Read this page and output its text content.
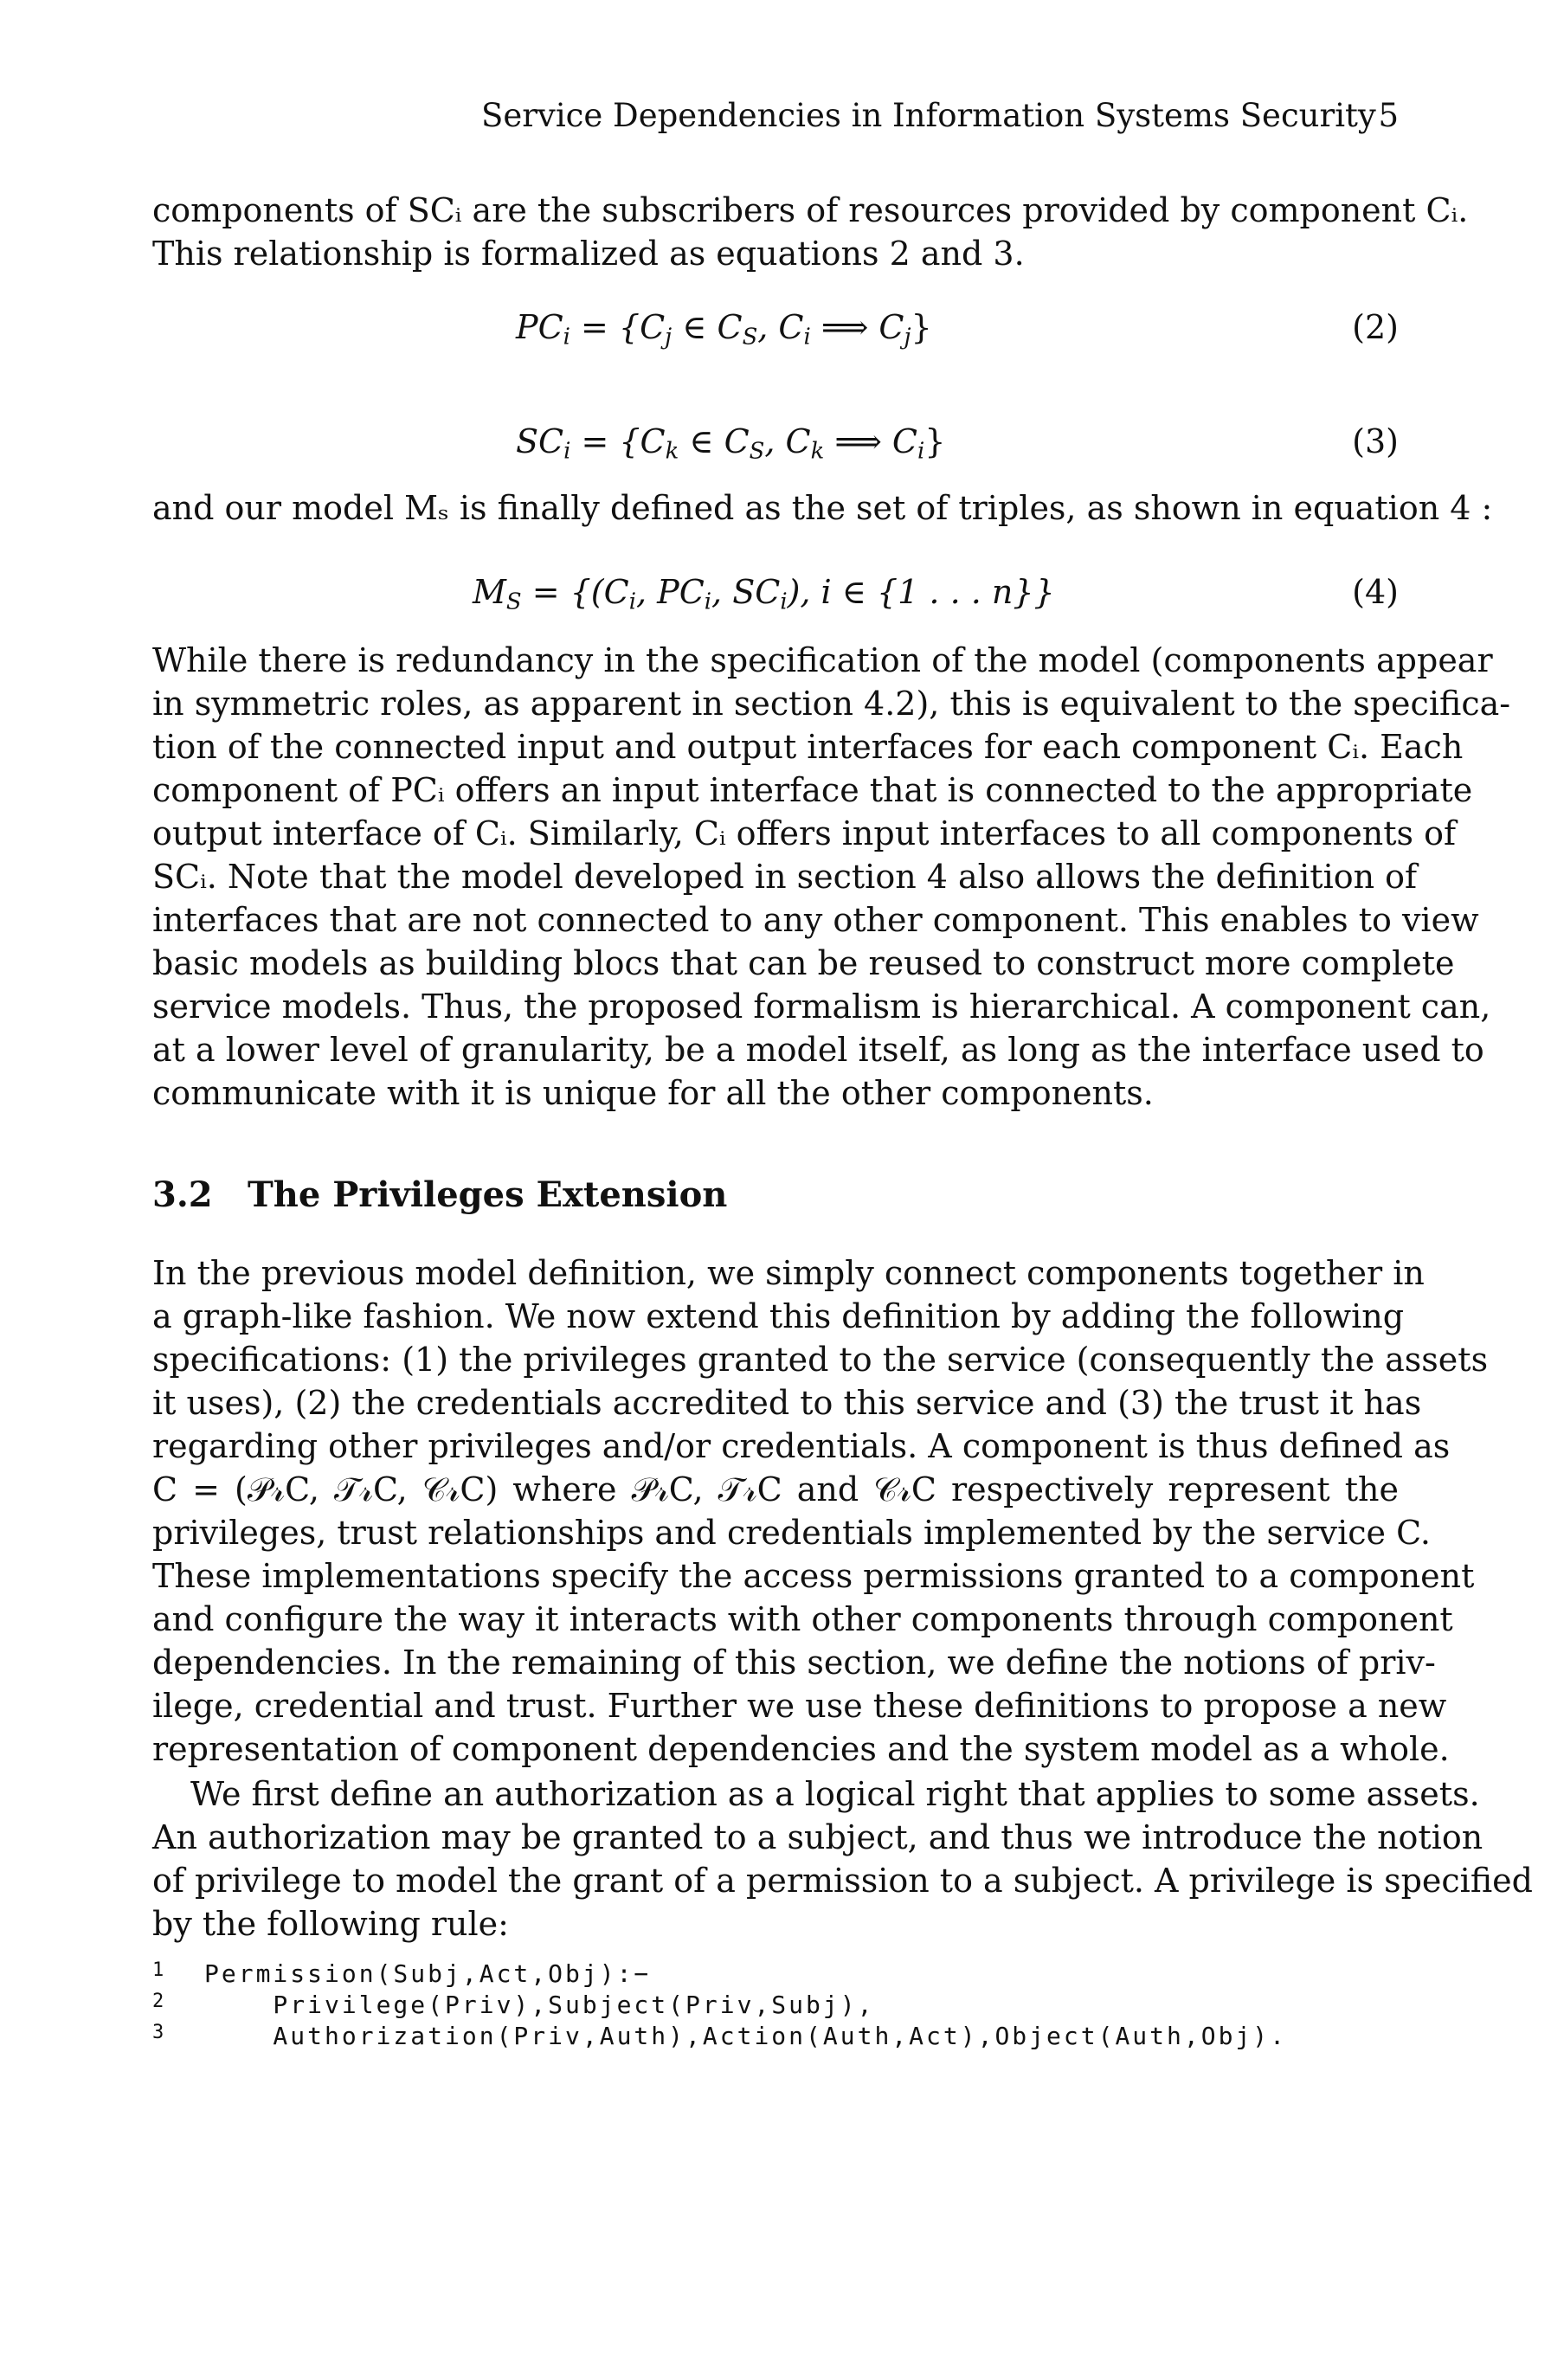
Service Dependencies in Information Systems Security 5
components of SCᵢ are the subscribers of resources provided by component Cᵢ.
This relationship is formalized as equations 2 and 3.
$PC_i = \{C_j$ ∈ $C_S$, $C_i$ ⟹ $C_j$}	(2)
$SC_i = \{C_k$ ∈ $C_S$, $C_k$ ⟹ $C_i$}	(3)
and our model Mₛ is finally defined as the set of triples, as shown in equation 4 :
$M_S = \{(C_i$, $PC_i$, $SC_i$), i ∈ {1 . . . n}}	(4)
While there is redundancy in the specification of the model (components appear
in symmetric roles, as apparent in section 4.2), this is equivalent to the specifica-
tion of the connected input and output interfaces for each component Cᵢ. Each
component of PCᵢ offers an input interface that is connected to the appropriate
output interface of Cᵢ. Similarly, Cᵢ offers input interfaces to all components of
SCᵢ. Note that the model developed in section 4 also allows the definition of
interfaces that are not connected to any other component. This enables to view
basic models as building blocs that can be reused to construct more complete
service models. Thus, the proposed formalism is hierarchical. A component can,
at a lower level of granularity, be a model itself, as long as the interface used to
communicate with it is unique for all the other components.
3.2 The Privileges Extension
In the previous model definition, we simply connect components together in
a graph-like fashion. We now extend this definition by adding the following
specifications: (1) the privileges granted to the service (consequently the assets
it uses), (2) the credentials accredited to this service and (3) the trust it has
regarding other privileges and/or credentials. A component is thus defined as
C = (𝒫𝓇C, 𝒯𝓇C, 𝒞𝓇C) where 𝒫𝓇C, 𝒯𝓇C and 𝒞𝓇C respectively represent the
privileges, trust relationships and credentials implemented by the service C.
These implementations specify the access permissions granted to a component
and configure the way it interacts with other components through component
dependencies. In the remaining of this section, we define the notions of priv-
ilege, credential and trust. Further we use these definitions to propose a new
representation of component dependencies and the system model as a whole.
We first define an authorization as a logical right that applies to some assets.
An authorization may be granted to a subject, and thus we introduce the notion
of privilege to model the grant of a permission to a subject. A privilege is specified
by the following rule:

1

	Permission(Subj,Act,Obj):−

2

	Privilege(Priv),Subject(Priv,Subj),

3

	Authorization(Priv,Auth),Action(Auth,Act),Object(Auth,Obj).
